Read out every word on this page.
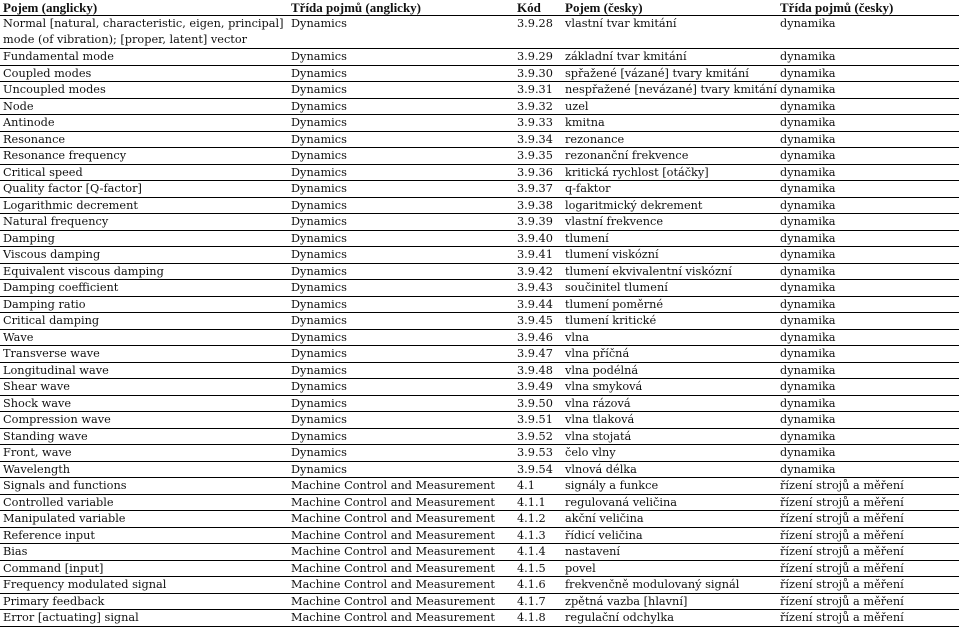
Pojem (anglicky)	Třída pojmů (anglicky)	Kód	Pojem (česky)	Třída pojmů (česky)
Normal [natural, characteristic, eigen, principal] mode (of vibration); [proper, latent] vector	Dynamics	3.9.28	vlastní tvar kmitání	dynamika
Fundamental mode	Dynamics	3.9.29	základní tvar kmitání	dynamika
Coupled modes	Dynamics	3.9.30	spřažené [vázané] tvary kmitání	dynamika
Uncoupled modes	Dynamics	3.9.31	nespřažené [nevázané] tvary kmitání	dynamika
Node	Dynamics	3.9.32	uzel	dynamika
Antinode	Dynamics	3.9.33	kmitna	dynamika
Resonance	Dynamics	3.9.34	rezonance	dynamika
Resonance frequency	Dynamics	3.9.35	rezonanční frekvence	dynamika
Critical speed	Dynamics	3.9.36	kritická rychlost [otáčky]	dynamika
Quality factor [Q-factor]	Dynamics	3.9.37	q-faktor	dynamika
Logarithmic decrement	Dynamics	3.9.38	logaritmický dekrement	dynamika
Natural frequency	Dynamics	3.9.39	vlastní frekvence	dynamika
Damping	Dynamics	3.9.40	tlumení	dynamika
Viscous damping	Dynamics	3.9.41	tlumení viskózní	dynamika
Equivalent viscous damping	Dynamics	3.9.42	tlumení ekvivalentní viskózní	dynamika
Damping coefficient	Dynamics	3.9.43	součinitel tlumení	dynamika
Damping ratio	Dynamics	3.9.44	tlumení poměrné	dynamika
Critical damping	Dynamics	3.9.45	tlumení kritické	dynamika
Wave	Dynamics	3.9.46	vlna	dynamika
Transverse wave	Dynamics	3.9.47	vlna příčná	dynamika
Longitudinal wave	Dynamics	3.9.48	vlna podélná	dynamika
Shear wave	Dynamics	3.9.49	vlna smyková	dynamika
Shock wave	Dynamics	3.9.50	vlna rázová	dynamika
Compression wave	Dynamics	3.9.51	vlna tlaková	dynamika
Standing wave	Dynamics	3.9.52	vlna stojatá	dynamika
Front, wave	Dynamics	3.9.53	čelo vlny	dynamika
Wavelength	Dynamics	3.9.54	vlnová délka	dynamika
Signals and functions	Machine Control and Measurement	4.1	signály a funkce	řízení strojů a měření
Controlled variable	Machine Control and Measurement	4.1.1	regulovaná veličina	řízení strojů a měření
Manipulated variable	Machine Control and Measurement	4.1.2	akční veličina	řízení strojů a měření
Reference input	Machine Control and Measurement	4.1.3	řídicí veličina	řízení strojů a měření
Bias	Machine Control and Measurement	4.1.4	nastavení	řízení strojů a měření
Command [input]	Machine Control and Measurement	4.1.5	povel	řízení strojů a měření
Frequency modulated signal	Machine Control and Measurement	4.1.6	frekvenčně modulovaný signál	řízení strojů a měření
Primary feedback	Machine Control and Measurement	4.1.7	zpětná vazba [hlavní]	řízení strojů a měření
Error [actuating] signal	Machine Control and Measurement	4.1.8	regulační odchylka	řízení strojů a měření
